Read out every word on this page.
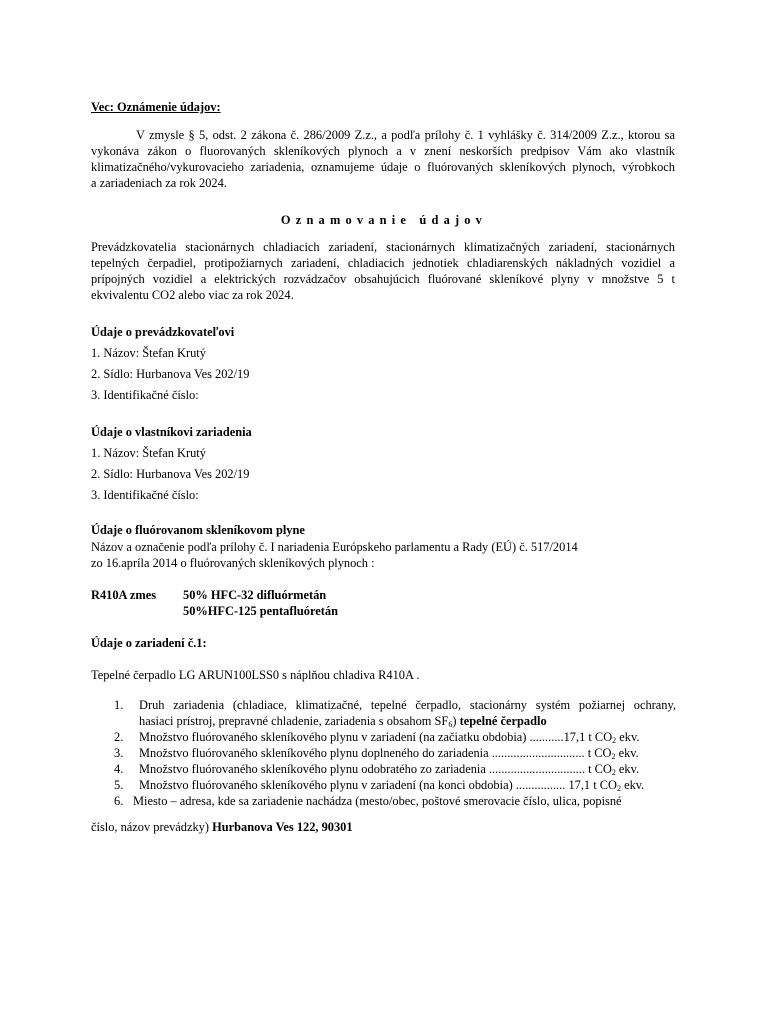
Vec: Oznámenie údajov:
V zmysle § 5, odst. 2 zákona č. 286/2009 Z.z., a podľa prílohy č. 1 vyhlášky č. 314/2009 Z.z., ktorou sa
vykonáva zákon o fluorovaných skleníkových plynoch a v znení neskorších predpisov Vám ako vlastník
klimatizačného/vykurovacieho zariadenia, oznamujeme údaje o fluórovaných skleníkových plynoch, výrobkoch
a zariadeniach za rok 2024.
Oznamovanie údajov
Prevádzkovatelia stacionárnych chladiacich zariadení, stacionárnych klimatizačných zariadení, stacionárnych
tepelných čerpadiel, protipožiarnych zariadení, chladiacich jednotiek chladiarenských nákladných vozidiel a
prípojných vozidiel a elektrických rozvádzačov obsahujúcich fluórované skleníkové plyny v množstve 5 t
ekvivalentu CO2 alebo viac za rok 2024.
Údaje o prevádzkovateľovi
1. Názov: Štefan Krutý
2. Sídlo: Hurbanova Ves 202/19
3. Identifikačné číslo:
Údaje o vlastníkovi zariadenia
1. Názov: Štefan Krutý
2. Sídlo: Hurbanova Ves 202/19
3. Identifikačné číslo:
Údaje o fluórovanom skleníkovom plyne
Názov a označenie podľa prílohy č. I nariadenia Európskeho parlamentu a Rady (EÚ) č. 517/2014
zo 16.apríla 2014 o fluórovaných skleníkových plynoch :
R410A zmes 50% HFC-32 difluórmetán
50%HFC-125 pentafluóretán
Údaje o zariadení č.1:
Tepelné čerpadlo LG ARUN100LSS0 s náplňou chladiva R410A .
1. Druh zariadenia (chladiace, klimatizačné, tepelné čerpadlo, stacionárny systém požiarnej ochrany,
hasiaci prístroj, prepravné chladenie, zariadenia s obsahom $SF_6$) tepelné čerpadlo
2. Množstvo fluórovaného skleníkového plynu v zariadení (na začiatku obdobia) ...........17,1 t $CO_2$ ekv.
3. Množstvo fluórovaného skleníkového plynu doplneného do zariadenia .............................. t $CO_2$ ekv.
4. Množstvo fluórovaného skleníkového plynu odobratého zo zariadenia ............................... t $CO_2$ ekv.
5. Množstvo fluórovaného skleníkového plynu v zariadení (na konci obdobia) ................ 17,1 t $CO_2$ ekv.
6. Miesto – adresa, kde sa zariadenie nachádza (mesto/obec, poštové smerovacie číslo, ulica, popisné
číslo, názov prevádzky) Hurbanova Ves 122, 90301
